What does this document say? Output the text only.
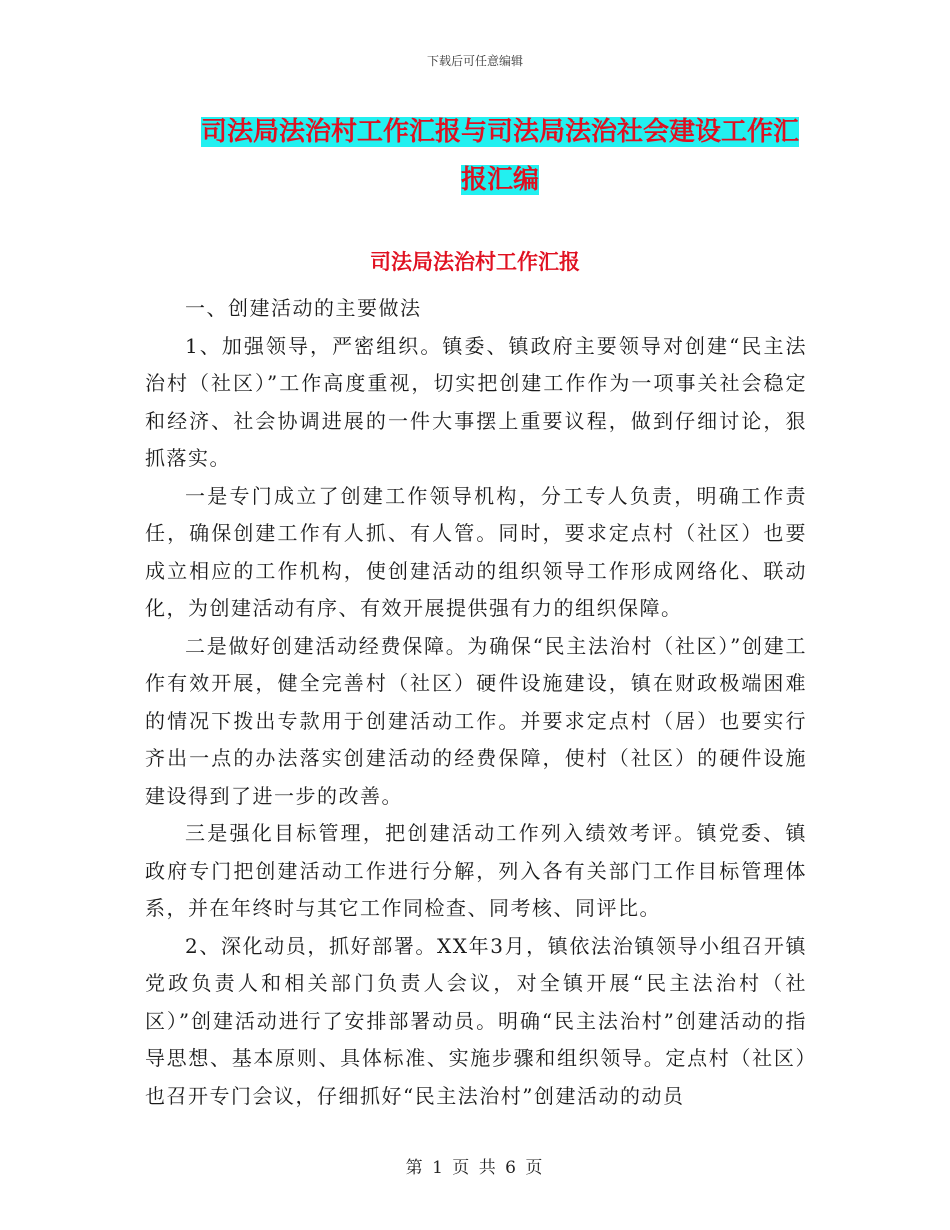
下载后可任意编辑
司法局法治村工作汇报与司法局法治社会建设工作汇
报汇编
司法局法治村工作汇报

一、创建活动的主要做法

1、加强领导，严密组织。镇委、镇政府主要领导对创建“民主法治村（社区）”工作高度重视，切实把创建工作作为一项事关社会稳定和经济、社会协调进展的一件大事摆上重要议程，做到仔细讨论，狠抓落实。

一是专门成立了创建工作领导机构，分工专人负责，明确工作责任，确保创建工作有人抓、有人管。同时，要求定点村（社区）也要成立相应的工作机构，使创建活动的组织领导工作形成网络化、联动化，为创建活动有序、有效开展提供强有力的组织保障。

二是做好创建活动经费保障。为确保“民主法治村（社区）”创建工作有效开展，健全完善村（社区）硬件设施建设，镇在财政极端困难的情况下拨出专款用于创建活动工作。并要求定点村（居）也要实行齐出一点的办法落实创建活动的经费保障，使村（社区）的硬件设施建设得到了进一步的改善。

三是强化目标管理，把创建活动工作列入绩效考评。镇党委、镇政府专门把创建活动工作进行分解，列入各有关部门工作目标管理体系，并在年终时与其它工作同检查、同考核、同评比。

2、深化动员，抓好部署。XX年3月，镇依法治镇领导小组召开镇党政负责人和相关部门负责人会议，对全镇开展“民主法治村（社区）”创建活动进行了安排部署动员。明确“民主法治村”创建活动的指导思想、基本原则、具体标准、实施步骤和组织领导。定点村（社区）也召开专门会议，仔细抓好“民主法治村”创建活动的动员

第 1 页 共 6 页
